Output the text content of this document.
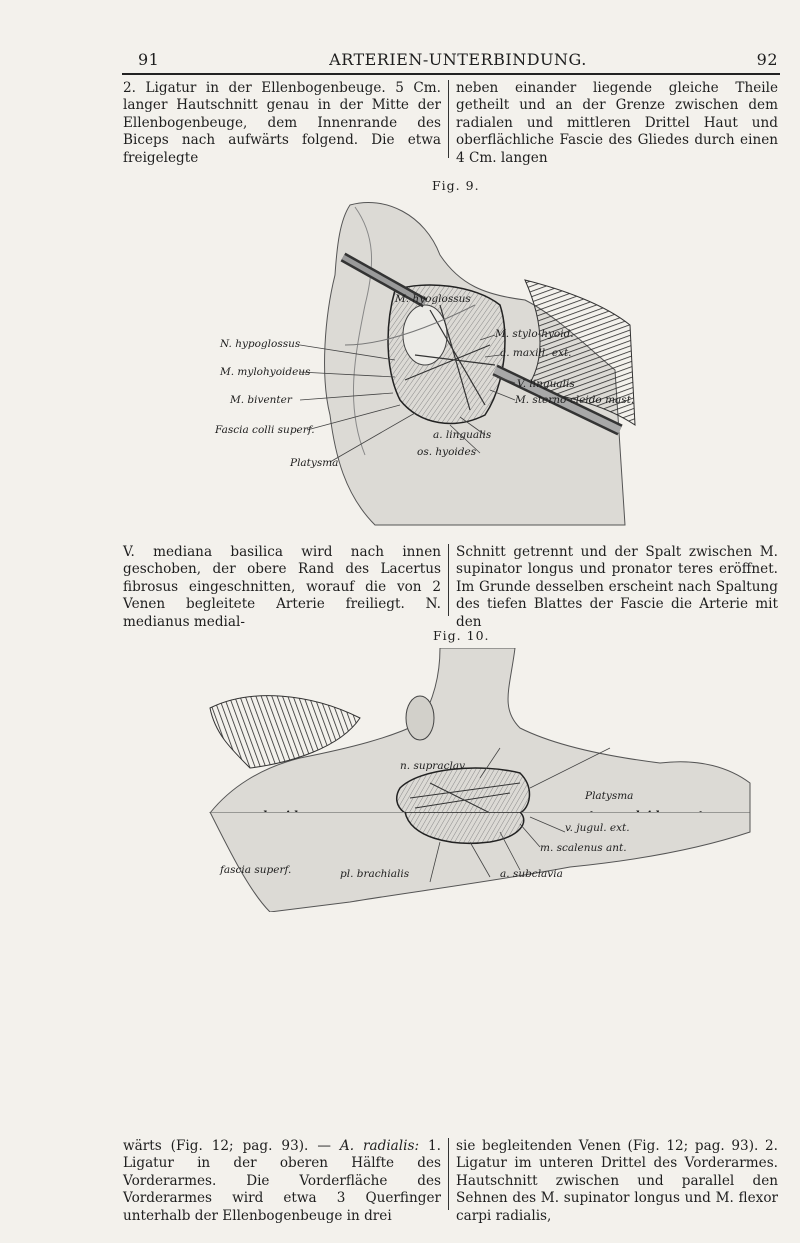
91	ARTERIEN-UNTERBINDUNG.	92
2. Ligatur in der Ellenbogenbeuge. 5 Cm. langer Hautschnitt genau in der Mitte der Ellenbogenbeuge, dem Innenrande des Biceps nach aufwärts folgend. Die etwa freigelegte
neben einander liegende gleiche Theile getheilt und an der Grenze zwischen dem radialen und mittleren Drittel Haut und oberflächliche Fascie des Gliedes durch einen 4 Cm. langen
Fig. 9.
M. hyoglossus
M. stylo-hyoid.
N. hypoglossus
a. maxill. ext.
M. mylohyoideus
V. lingualis
M. biventer	M. sterno-cleido mast.
Fascia colli superf.	a. lingualis
os. hyoides
Platysma
V. mediana basilica wird nach innen geschoben, der obere Rand des Lacertus fibrosus eingeschnitten, worauf die von 2 Venen begleitete Arterie freiliegt. N. medianus medial-
Schnitt getrennt und der Spalt zwischen M. supinator longus und pronator teres eröffnet. Im Grunde desselben erscheint nach Spaltung des tiefen Blattes der Fascie die Arterie mit den
Fig. 10.
n. supraclav.
Platysma
v. jugul. ext.
m. scalenus ant.
fascia superf.	pl. brachialis	a. subclavia
wärts (Fig. 12; pag. 93). — A. radialis: 1. Ligatur in der oberen Hälfte des Vorderarmes. Die Vorderfläche des Vorderarmes wird etwa 3 Querfinger unterhalb der Ellenbogenbeuge in drei
sie begleitenden Venen (Fig. 12; pag. 93). 2. Ligatur im unteren Drittel des Vorderarmes. Hautschnitt zwischen und parallel den Sehnen des M. supinator longus und M. flexor carpi radialis,
